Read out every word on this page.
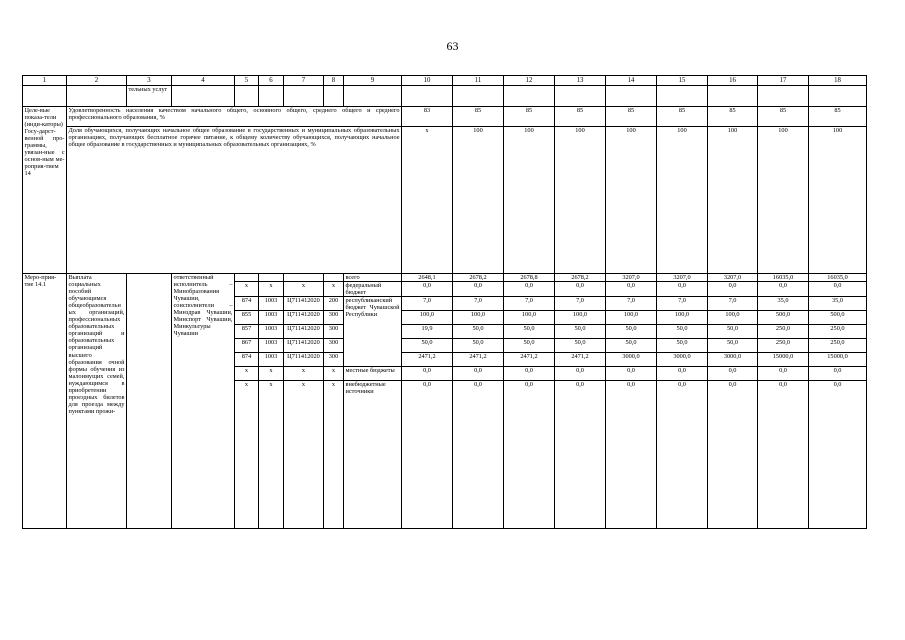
63
1	2	3	4	5	6	7	8	9	10	11	12	13	14	15	16	17	18
		тельных услуг															
Целе-вые показа-тели (инди-каторы) Госу-дарст-венной про-граммы, увязан-ные с основ-ным ме-роприя-тием 14	Удовлетворенность населения качеством начального общего, основного общего, среднего общего и среднего профессионального образования, %								83	85	85	85	85	85	85	85	85
	Доля обучающихся, получающих начальное общее образование в государственных и муниципальных образовательных организациях, получающих бесплатное горячее питание, к общему количеству обучающихся, получающих начальное общее образование в государственных и муниципальных образовательных организациях, %								x	100	100	100	100	100	100	100	100
Меро-прия-тие 14.1	Выплата социальных пособий обучающимся общеобразовательных организаций, профессиональных образовательных организаций и образовательных организаций высшего образования очной формы обучения из малоимущих семей, нуждающимся в приобретении проездных билетов для проезда между пунктами прожи-		ответственный исполнитель – Минобразования Чувашии, соисполнители – Минздрав Чувашии, Минспорт Чувашии, Минкультуры Чувашии					всего	2648,1	2678,2	2678,8	2678,2	3207,0	3207,0	3207,0	16035,0	16035,0
				x	x	x	x	федеральный бюджет	0,0	0,0	0,0	0,0	0,0	0,0	0,0	0,0	0,0
				874	1003	Ц711412020	200	республиканский бюджет Чувашской Республики	7,0	7,0	7,0	7,0	7,0	7,0	7,0	35,0	35,0
				855	1003	Ц711412020	300		100,0	100,0	100,0	100,0	100,0	100,0	100,0	500,0	500,0
				857	1003	Ц711412020	300		19,9	50,0	50,0	50,0	50,0	50,0	50,0	250,0	250,0
				867	1003	Ц711412020	300		50,0	50,0	50,0	50,0	50,0	50,0	50,0	250,0	250,0
				874	1003	Ц711412020	300		2471,2	2471,2	2471,2	2471,2	3000,0	3000,0	3000,0	15000,0	15000,0
				x	x	x	x	местные бюджеты	0,0	0,0	0,0	0,0	0,0	0,0	0,0	0,0	0,0
				x	x	x	x	внебюджетные источники	0,0	0,0	0,0	0,0	0,0	0,0	0,0	0,0	0,0
